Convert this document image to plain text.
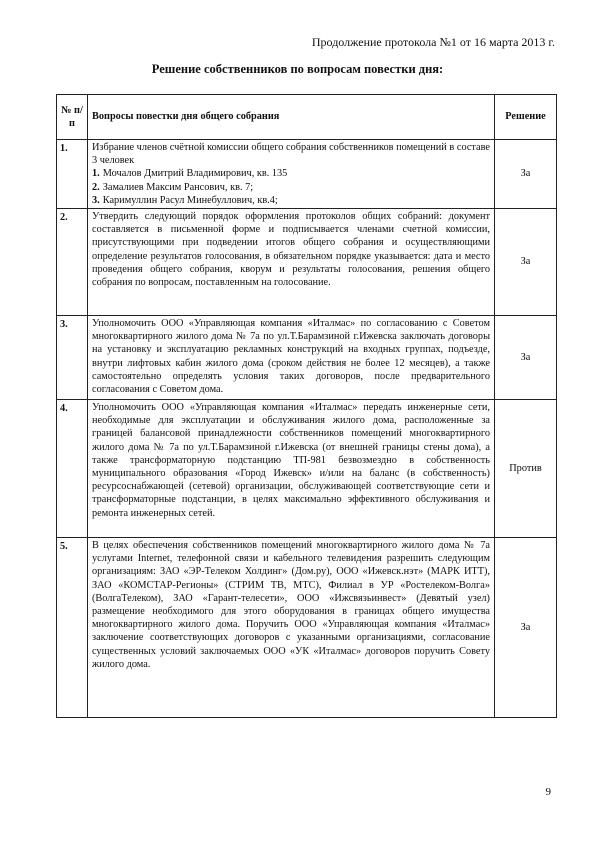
Продолжение протокола №1 от 16 марта 2013 г.
Решение собственников по вопросам повестки дня:
№ п/п	Вопросы повестки дня общего собрания	Решение
1.	Избрание членов счётной комиссии общего собрания собственников помещений в составе 3 человек
1. Мочалов Дмитрий Владимирович, кв. 135
2. Замалиев Максим Рансович, кв. 7;
3. Каримуллин Расул Минебуллович, кв.4;	За
2.	Утвердить следующий порядок оформления протоколов общих собраний: документ составляется в письменной форме и подписывается членами счетной комиссии, присутствующими при подведении итогов общего собрания и осуществляющими определение результатов голосования, в обязательном порядке указывается: дата и место проведения общего собрания, кворум и результаты голосования, решения общего собрания по вопросам, поставленным на голосование.	За
3.	Уполномочить ООО «Управляющая компания «Италмас» по согласованию с Советом многоквартирного жилого дома № 7а по ул.Т.Барамзиной г.Ижевска заключать договоры на установку и эксплуатацию рекламных конструкций на входных группах, подъезде, внутри лифтовых кабин жилого дома (сроком действия не более 12 месяцев), а также самостоятельно определять условия таких договоров, после предварительного согласования с Советом дома.	За
4.	Уполномочить ООО «Управляющая компания «Италмас» передать инженерные сети, необходимые для эксплуатации и обслуживания жилого дома, расположенные за границей балансовой принадлежности собственников помещений многоквартирного жилого дома № 7а по ул.Т.Барамзиной г.Ижевска (от внешней границы стены дома), а также трансформаторную подстанцию ТП-981 безвозмездно в собственность муниципального образования «Город Ижевск» и/или на баланс (в собственность) ресурсоснабжающей (сетевой) организации, обслуживающей соответствующие сети и трансформаторные подстанции, в целях максимально эффективного обслуживания и ремонта инженерных сетей.	Против
5.	В целях обеспечения собственников помещений многоквартирного жилого дома № 7а услугами Internet, телефонной связи и кабельного телевидения разрешить следующим организациям: ЗАО «ЭР-Телеком Холдинг» (Дом.ру), ООО «Ижевск.нэт» (МАРК ИТТ), ЗАО «КОМСТАР-Регионы» (СТРИМ ТВ, МТС), Филиал в УР «Ростелеком-Волга» (ВолгаТелеком), ЗАО «Гарант-телесети», ООО «Ижсвязьинвест» (Девятый узел) размещение необходимого для этого оборудования в границах общего имущества многоквартирного жилого дома. Поручить ООО «Управляющая компания «Италмас» заключение соответствующих договоров с указанными организациями, согласование существенных условий заключаемых ООО «УК «Италмас» договоров поручить Совету жилого дома.	За
9
